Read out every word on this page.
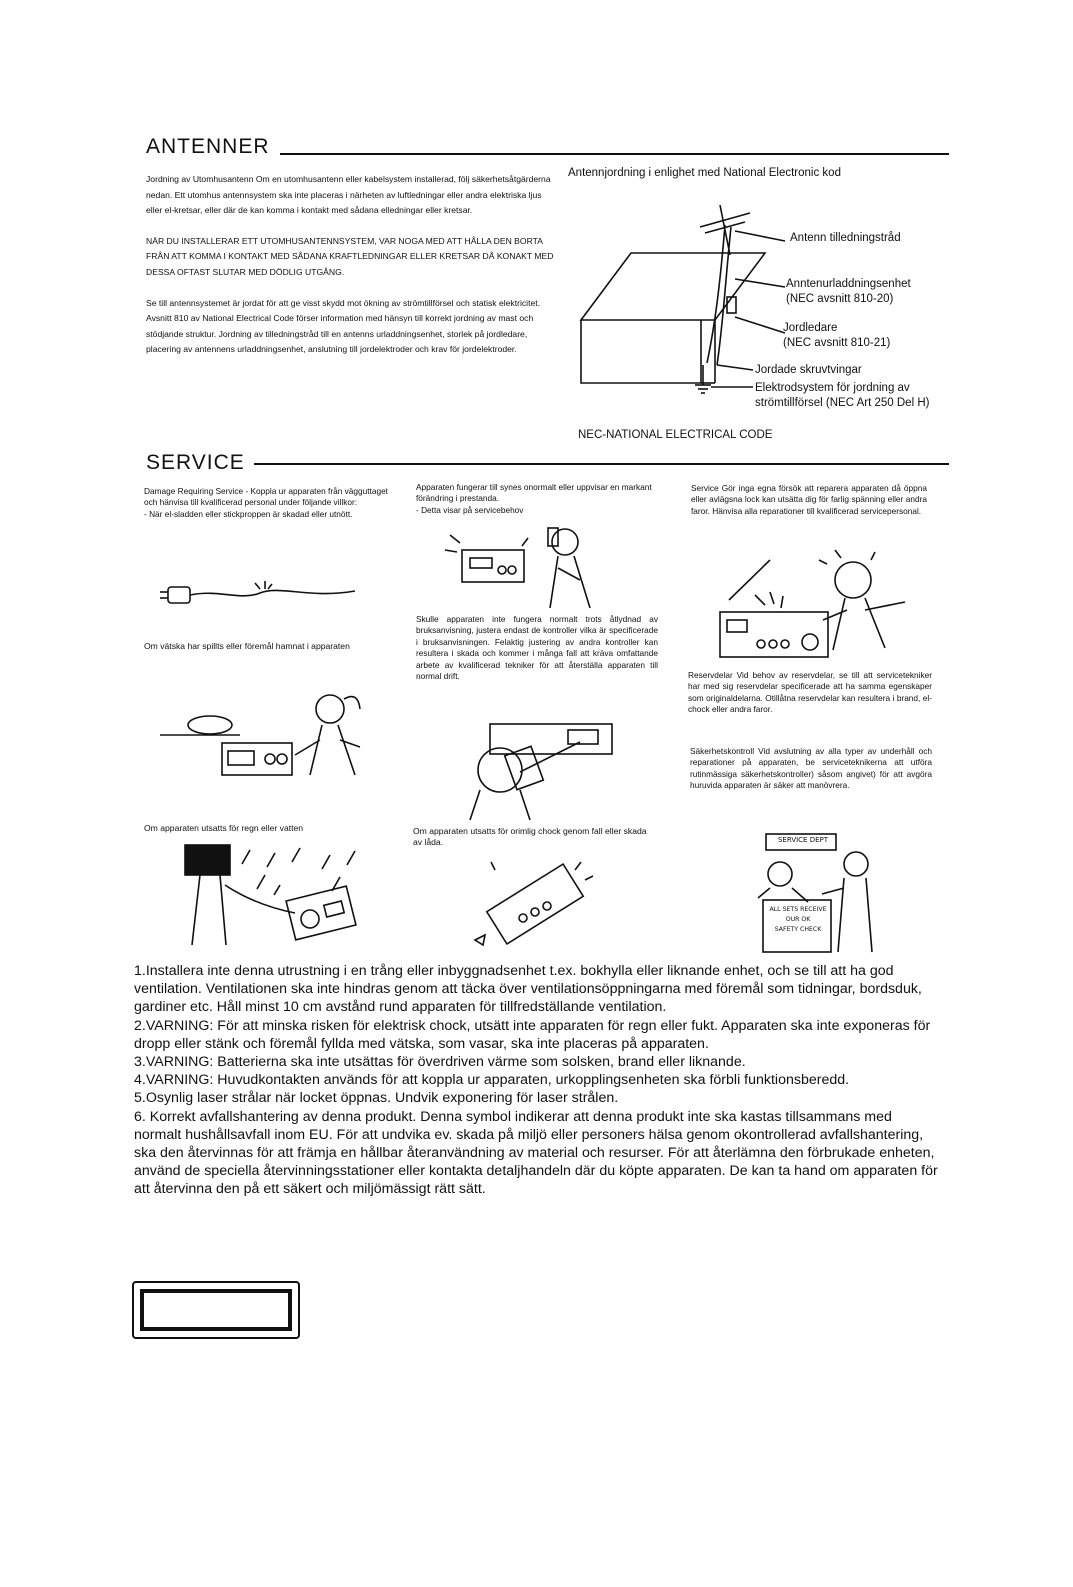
ANTENNER

Jordning av Utomhusantenn Om en utomhusantenn eller kabelsystem installerad, följ säkerhetsåtgärderna nedan. Ett utomhus antennsystem ska inte placeras i närheten av luftledningar eller andra elektriska ljus eller el-kretsar, eller där de kan komma i kontakt med sådana elledningar eller kretsar.

NÄR DU INSTALLERAR ETT UTOMHUSANTENNSYSTEM, VAR NOGA MED ATT HÅLLA DEN BORTA FRÅN ATT KOMMA I KONTAKT MED SÅDANA KRAFTLEDNINGAR ELLER KRETSAR DÅ KONAKT MED DESSA OFTAST SLUTAR MED DÖDLIG UTGÅNG.

Se till antennsystemet är jordat för att ge visst skydd mot ökning av strömtillförsel och statisk elektricitet. Avsnitt 810 av National Electrical Code förser information med hänsyn till korrekt jordning av mast och stödjande struktur. Jordning av tilledningstråd till en antenns urladdningsenhet, storlek på jordledare, placering av antennens urladdningsenhet, anslutning till jordelektroder och krav för jordelektroder.

Antennjordning i enlighet med National Electronic kod
Antenn tilledningstråd
Anntenurladdningsenhet
(NEC avsnitt 810-20)
Jordledare
(NEC avsnitt 810-21)
Jordade skruvtvingar
Elektrodsystem för jordning av
strömtillförsel (NEC Art 250 Del H)
NEC-NATIONAL ELECTRICAL CODE
SERVICE

Damage Requiring Service - Koppla ur apparaten från vägguttaget och hänvisa till kvalificerad personal under följande villkor:

- När el-sladden eller stickproppen är skadad eller utnött.

Om vätska har spillts eller föremål hamnat i apparaten
Om apparaten utsatts för regn eller vatten

Apparaten fungerar till synes onormalt eller uppvisar en markant förändring i prestanda.

- Detta visar på servicebehov

Skulle apparaten inte fungera normalt trots åtlydnad av bruksanvisning, justera endast de kontroller vilka är specificerade i bruksanvisningen. Felaktig justering av andra kontroller kan resultera i skada och kommer i många fall att kräva omfattande arbete av kvalificerad tekniker för att återställa apparaten till normal drift.
Om apparaten utsatts för orimlig chock genom fall eller skada av låda.
Service Gör inga egna försök att reparera apparaten då öppna eller avlägsna lock kan utsätta dig för farlig spänning eller andra faror. Hänvisa alla reparationer till kvalificerad servicepersonal.
Reservdelar Vid behov av reservdelar, se till att servicetekniker har med sig reservdelar specificerade att ha samma egenskaper som originaldelarna. Otillåtna reservdelar kan resultera i brand, el-chock eller andra faror.
Säkerhetskontroll Vid avslutning av alla typer av underhåll och reparationer på apparaten, be serviceteknikerna att utföra rutinmässiga säkerhetskontroller) såsom angivet) för att avgöra huruvida apparaten är säker att manövrera.
SERVICE DEPT
ALL SETS RECEIVE
OUR OK
SAFETY CHECK

1.Installera inte denna utrustning i en trång eller inbyggnadsenhet t.ex. bokhylla eller liknande enhet, och se till att ha god ventilation. Ventilationen ska inte hindras genom att täcka över ventilationsöppningarna med föremål som tidningar, bordsduk, gardiner etc. Håll minst 10 cm avstånd rund apparaten för tillfredställande ventilation.

2.VARNING: För att minska risken för elektrisk chock, utsätt inte apparaten för regn eller fukt. Apparaten ska inte exponeras för dropp eller stänk och föremål fyllda med vätska, som vasar, ska inte placeras på apparaten.

3.VARNING: Batterierna ska inte utsättas för överdriven värme som solsken, brand eller liknande.

4.VARNING: Huvudkontakten används för att koppla ur apparaten, urkopplingsenheten ska förbli funktionsberedd.

5.Osynlig laser strålar när locket öppnas. Undvik exponering för laser strålen.

6. Korrekt avfallshantering av denna produkt. Denna symbol indikerar att denna produkt inte ska kastas tillsammans med normalt hushållsavfall inom EU. För att undvika ev. skada på miljö eller personers hälsa genom okontrollerad avfallshantering, ska den återvinnas för att främja en hållbar återanvändning av material och resurser. För att återlämna den förbrukade enheten, använd de speciella återvinningsstationer eller kontakta detaljhandeln där du köpte apparaten. De kan ta hand om apparaten för att återvinna den på ett säkert och miljömässigt rätt sätt.
